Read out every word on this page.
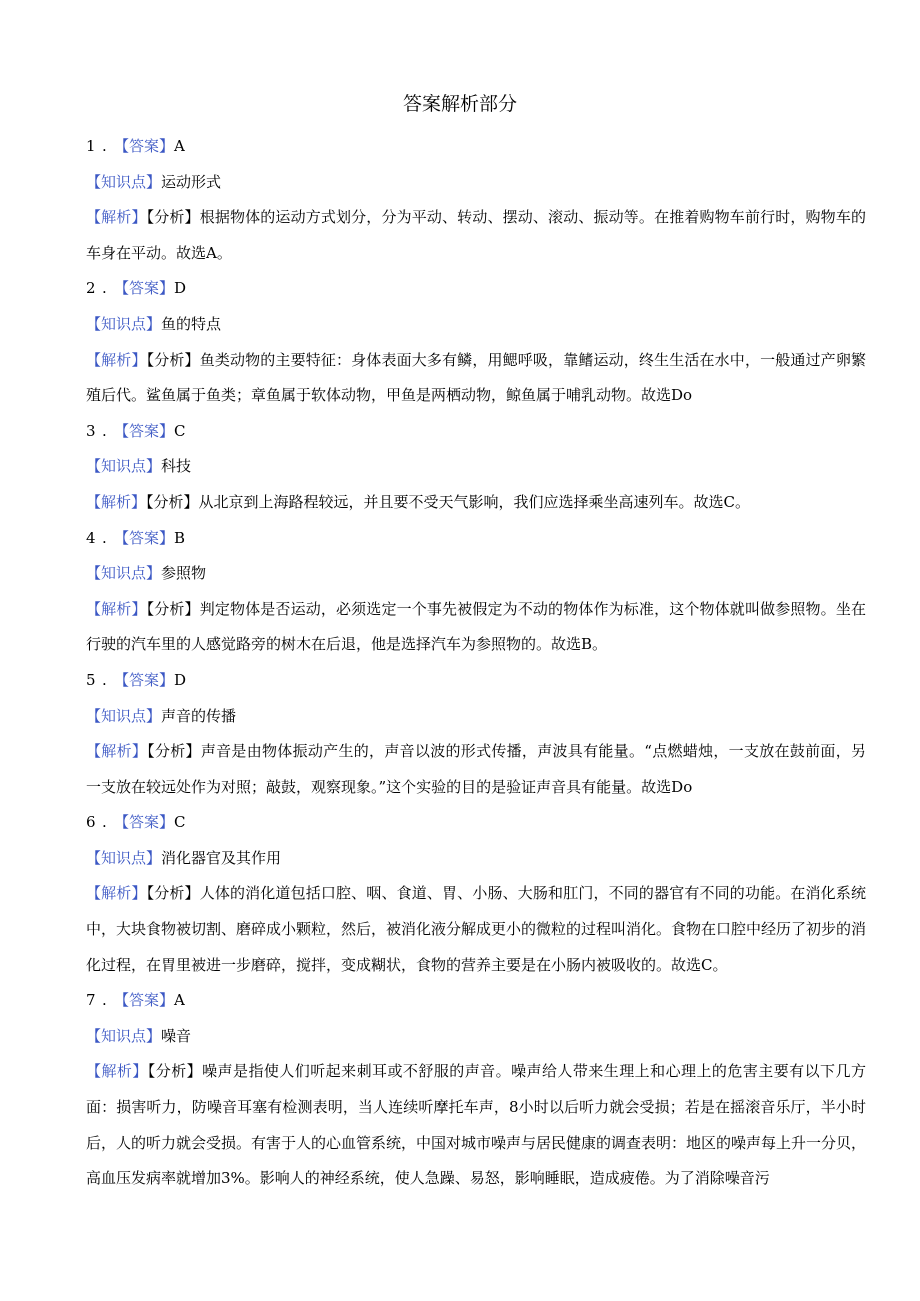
答案解析部分
1 . 【答案】A
【知识点】运动形式
【解析】【分析】根据物体的运动方式划分，分为平动、转动、摆动、滚动、振动等。在推着购物车前行时，购物车的车身在平动。故选A。
2 . 【答案】D
【知识点】鱼的特点
【解析】【分析】鱼类动物的主要特征：身体表面大多有鳞，用鳃呼吸，靠鳍运动，终生生活在水中，一般通过产卵繁殖后代。鲨鱼属于鱼类；章鱼属于软体动物，甲鱼是两栖动物，鲸鱼属于哺乳动物。故选Do
3 . 【答案】C
【知识点】科技
【解析】【分析】从北京到上海路程较远，并且要不受天气影响，我们应选择乘坐高速列车。故选C。
4 . 【答案】B
【知识点】参照物
【解析】【分析】判定物体是否运动，必须选定一个事先被假定为不动的物体作为标准，这个物体就叫做参照物。坐在行驶的汽车里的人感觉路旁的树木在后退，他是选择汽车为参照物的。故选B。
5 . 【答案】D
【知识点】声音的传播
【解析】【分析】声音是由物体振动产生的，声音以波的形式传播，声波具有能量。“点燃蜡烛，一支放在鼓前面，另一支放在较远处作为对照；敲鼓，观察现象。”这个实验的目的是验证声音具有能量。故选Do
6 . 【答案】C
【知识点】消化器官及其作用
【解析】【分析】人体的消化道包括口腔、咽、食道、胃、小肠、大肠和肛门，不同的器官有不同的功能。在消化系统中，大块食物被切割、磨碎成小颗粒，然后，被消化液分解成更小的微粒的过程叫消化。食物在口腔中经历了初步的消化过程，在胃里被进一步磨碎，搅拌，变成糊状，食物的营养主要是在小肠内被吸收的。故选C。
7 . 【答案】A
【知识点】噪音
【解析】【分析】噪声是指使人们听起来刺耳或不舒服的声音。噪声给人带来生理上和心理上的危害主要有以下几方面：损害听力，防噪音耳塞有检测表明，当人连续听摩托车声，8小时以后听力就会受损；若是在摇滚音乐厅，半小时后，人的听力就会受损。有害于人的心血管系统，中国对城市噪声与居民健康的调查表明：地区的噪声每上升一分贝，高血压发病率就增加3%。影响人的神经系统，使人急躁、易怒，影响睡眠，造成疲倦。为了消除噪音污
